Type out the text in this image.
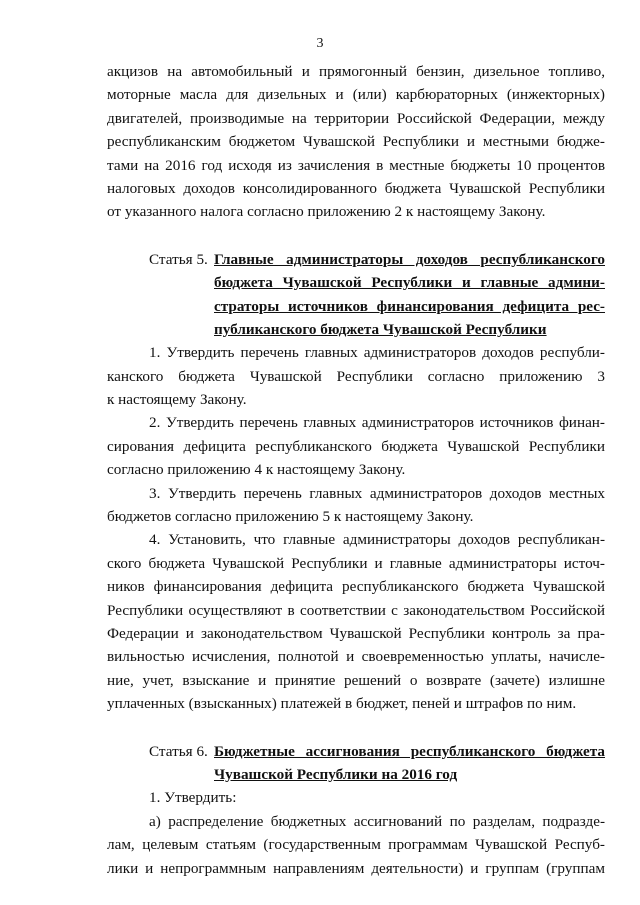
3
акцизов на автомобильный и прямогонный бензин, дизельное топливо,
моторные масла для дизельных и (или) карбюраторных (инжекторных)
двигателей, производимые на территории Российской Федерации, между
республиканским бюджетом Чувашской Республики и местными бюдже-
тами на 2016 год исходя из зачисления в местные бюджеты 10 процентов
налоговых доходов консолидированного бюджета Чувашской Республики
от указанного налога согласно приложению 2 к настоящему Закону.
Статья 5. Главные администраторы доходов республиканского
бюджета Чувашской Республики и главные админи-
страторы источников финансирования дефицита рес-
публиканского бюджета Чувашской Республики
1. Утвердить перечень главных администраторов доходов республи-
канского бюджета Чувашской Республики согласно приложению 3
к настоящему Закону.
2. Утвердить перечень главных администраторов источников финан-
сирования дефицита республиканского бюджета Чувашской Республики
согласно приложению 4 к настоящему Закону.
3. Утвердить перечень главных администраторов доходов местных
бюджетов согласно приложению 5 к настоящему Закону.
4. Установить, что главные администраторы доходов республикан-
ского бюджета Чувашской Республики и главные администраторы источ-
ников финансирования дефицита республиканского бюджета Чувашской
Республики осуществляют в соответствии с законодательством Российской
Федерации и законодательством Чувашской Республики контроль за пра-
вильностью исчисления, полнотой и своевременностью уплаты, начисле-
ние, учет, взыскание и принятие решений о возврате (зачете) излишне
уплаченных (взысканных) платежей в бюджет, пеней и штрафов по ним.
Статья 6. Бюджетные ассигнования республиканского бюджета
Чувашской Республики на 2016 год
1. Утвердить:
а) распределение бюджетных ассигнований по разделам, подразде-
лам, целевым статьям (государственным программам Чувашской Респуб-
лики и непрограммным направлениям деятельности) и группам (группам
